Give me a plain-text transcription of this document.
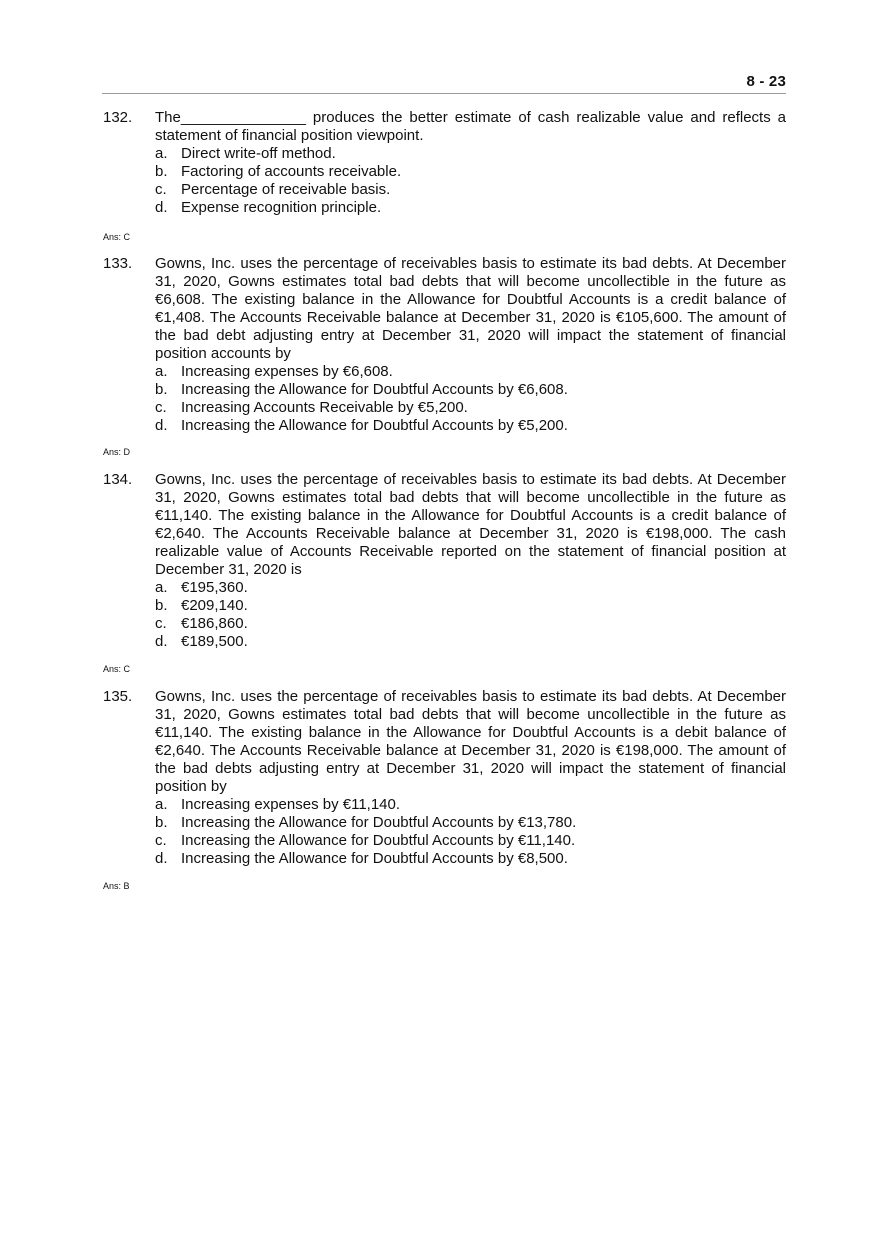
8 - 23
132.	The_______________ produces the better estimate of cash realizable value and reflects a statement of financial position viewpoint.

a. Direct write-off method.
b. Factoring of accounts receivable.
c. Percentage of receivable basis.
d. Expense recognition principle.
Ans: C
133.	Gowns, Inc. uses the percentage of receivables basis to estimate its bad debts. At December 31, 2020, Gowns estimates total bad debts that will become uncollectible in the future as €6,608. The existing balance in the Allowance for Doubtful Accounts is a credit balance of €1,408. The Accounts Receivable balance at December 31, 2020 is €105,600. The amount of the bad debt adjusting entry at December 31, 2020 will impact the statement of financial position accounts by

a. Increasing expenses by €6,608.
b. Increasing the Allowance for Doubtful Accounts by €6,608.
c. Increasing Accounts Receivable by €5,200.
d. Increasing the Allowance for Doubtful Accounts by €5,200.
Ans: D
134.	Gowns, Inc. uses the percentage of receivables basis to estimate its bad debts. At December 31, 2020, Gowns estimates total bad debts that will become uncollectible in the future as €11,140. The existing balance in the Allowance for Doubtful Accounts is a credit balance of €2,640. The Accounts Receivable balance at December 31, 2020 is €198,000. The cash realizable value of Accounts Receivable reported on the statement of financial position at December 31, 2020 is

a. €195,360.
b. €209,140.
c. €186,860.
d. €189,500.
Ans: C
135.	Gowns, Inc. uses the percentage of receivables basis to estimate its bad debts. At December 31, 2020, Gowns estimates total bad debts that will become uncollectible in the future as €11,140. The existing balance in the Allowance for Doubtful Accounts is a debit balance of €2,640. The Accounts Receivable balance at December 31, 2020 is €198,000. The amount of the bad debts adjusting entry at December 31, 2020 will impact the statement of financial position by

a. Increasing expenses by €11,140.
b. Increasing the Allowance for Doubtful Accounts by €13,780.
c. Increasing the Allowance for Doubtful Accounts by €11,140.
d. Increasing the Allowance for Doubtful Accounts by €8,500.
Ans: B
